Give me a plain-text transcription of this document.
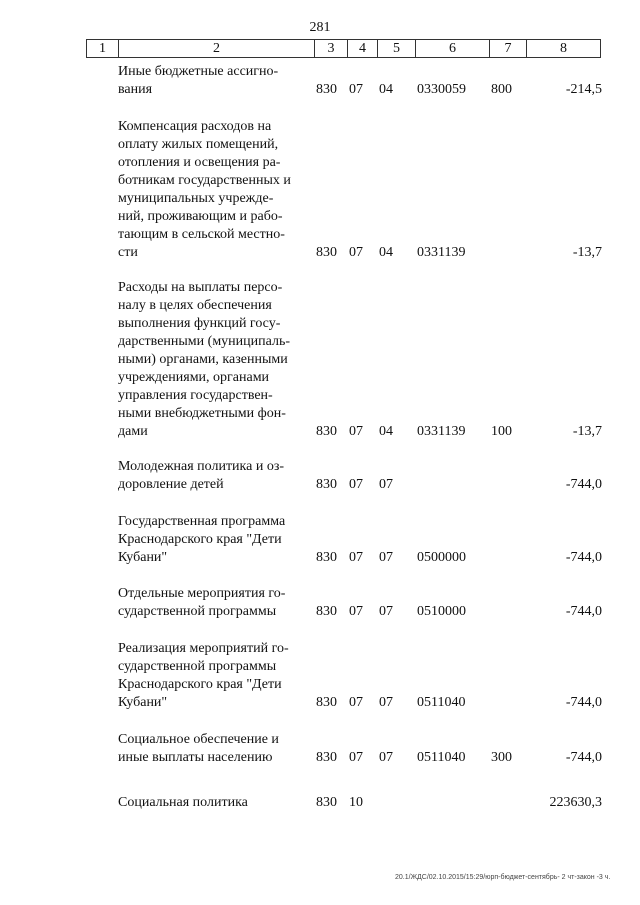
281
1	2	3	4	5	6	7	8
Иные бюджетные ассигно-
вания	830 07 04 0330059 800	-214,5
Компенсация расходов на
оплату жилых помещений,
отопления и освещения ра-
ботникам государственных и
муниципальных учрежде-
ний, проживающим и рабо-
тающим в сельской местно-
сти	830 07 04 0331139	-13,7
Расходы на выплаты персо-
налу в целях обеспечения
выполнения функций госу-
дарственными (муниципаль-
ными) органами, казенными
учреждениями, органами
управления государствен-
ными внебюджетными фон-
дами	830 07 04 0331139 100	-13,7
Молодежная политика и оз-
доровление детей	830 07 07	-744,0
Государственная программа
Краснодарского края "Дети
Кубани"	830 07 07 0500000	-744,0
Отдельные мероприятия го-
сударственной программы	830 07 07 0510000	-744,0
Реализация мероприятий го-
сударственной программы
Краснодарского края "Дети
Кубани"	830 07 07 0511040	-744,0
Социальное обеспечение и
иные выплаты населению	830 07 07 0511040 300	-744,0
Социальная политика	830 10	223630,3
20.1/ЖДС/02.10.2015/15:29/юрп-бюджет-сентябрь- 2 чт-закон -3 ч.
